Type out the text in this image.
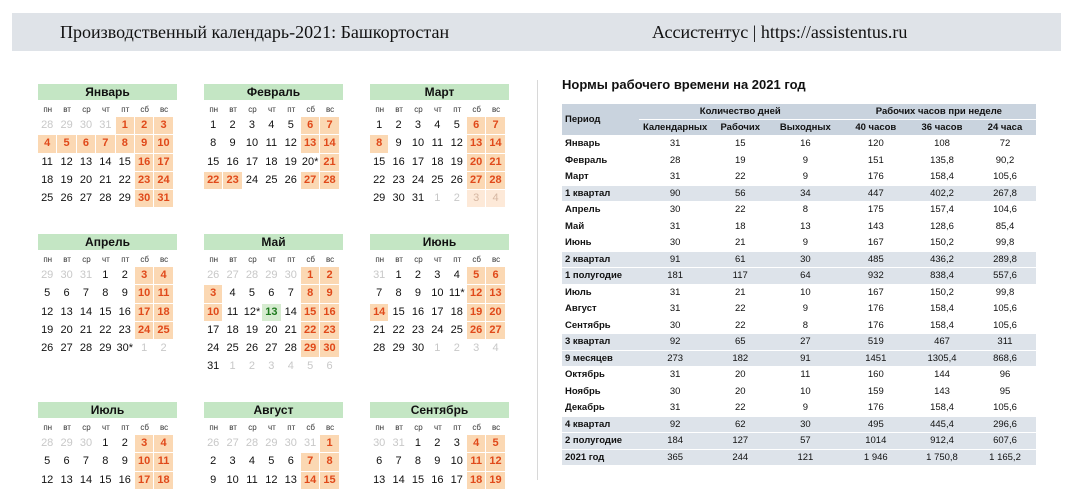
Производственный календарь-2021: Башкортостан	Ассистентус | https://assistentus.ru
Январь
пн	вт	ср	чт	пт	сб	вс
28 29 30 31 1	2	3
4	5	6	7	8	9 10
11 12 13 14 15 16 17
18 19 20 21 22 23 24
25 26 27 28 29 30 31
Февраль
пн	вт	ср	чт	пт	сб	вс
1	2	3	4	5	6	7
8	9 10 11 12 13 14
15 16 17 18 19 20* 21
22 23 24 25 26 27 28
Март
пн	вт	ср	чт	пт	сб	вс
1	2	3	4	5	6	7
8	9 10 11 12 13 14
15 16 17 18 19 20 21
22 23 24 25 26 27 28
29 30 31 1	2	3	4
Апрель
пн	вт	ср	чт	пт	сб	вс
29 30 31 1	2	3	4
5	6	7	8	9 10 11
12 13 14 15 16 17 18
19 20 21 22 23 24 25
26 27 28 29 30* 1	2
Май
пн	вт	ср	чт	пт	сб	вс
26 27 28 29 30 1	2
3	4	5	6	7	8	9
10 11 12* 13 14 15 16
17 18 19 20 21 22 23
24 25 26 27 28 29 30
31 1	2	3	4	5	6
Июнь
пн	вт	ср	чт	пт	сб	вс
31 1	2	3	4	5	6
7	8	9 10 11* 12 13
14 15 16 17 18 19 20
21 22 23 24 25 26 27
28 29 30 1	2	3	4
Июль
пн	вт	ср	чт	пт	сб	вс
28 29 30 1	2	3	4
5	6	7	8	9 10 11
12 13 14 15 16 17 18
Август
пн	вт	ср	чт	пт	сб	вс
26 27 28 29 30 31 1
2	3	4	5	6	7	8
9 10 11 12 13 14 15
Сентябрь
пн	вт	ср	чт	пт	сб	вс
30 31 1	2	3	4	5
6	7	8	9 10 11 12
13 14 15 16 17 18 19
Нормы рабочего времени на 2021 год
Период	Количество дней			Рабочих часов при неделе		
	Календарных	Рабочих	Выходных	40 часов	36 часов	24 часа
Январь	31	15	16	120	108	72
Февраль	28	19	9	151	135,8	90,2
Март	31	22	9	176	158,4	105,6
1 квартал	90	56	34	447	402,2	267,8
Апрель	30	22	8	175	157,4	104,6
Май	31	18	13	143	128,6	85,4
Июнь	30	21	9	167	150,2	99,8
2 квартал	91	61	30	485	436,2	289,8
1 полугодие	181	117	64	932	838,4	557,6
Июль	31	21	10	167	150,2	99,8
Август	31	22	9	176	158,4	105,6
Сентябрь	30	22	8	176	158,4	105,6
3 квартал	92	65	27	519	467	311
9 месяцев	273	182	91	1451	1305,4	868,6
Октябрь	31	20	11	160	144	96
Ноябрь	30	20	10	159	143	95
Декабрь	31	22	9	176	158,4	105,6
4 квартал	92	62	30	495	445,4	296,6
2 полугодие	184	127	57	1014	912,4	607,6
2021 год	365	244	121	1 946	1 750,8	1 165,2
